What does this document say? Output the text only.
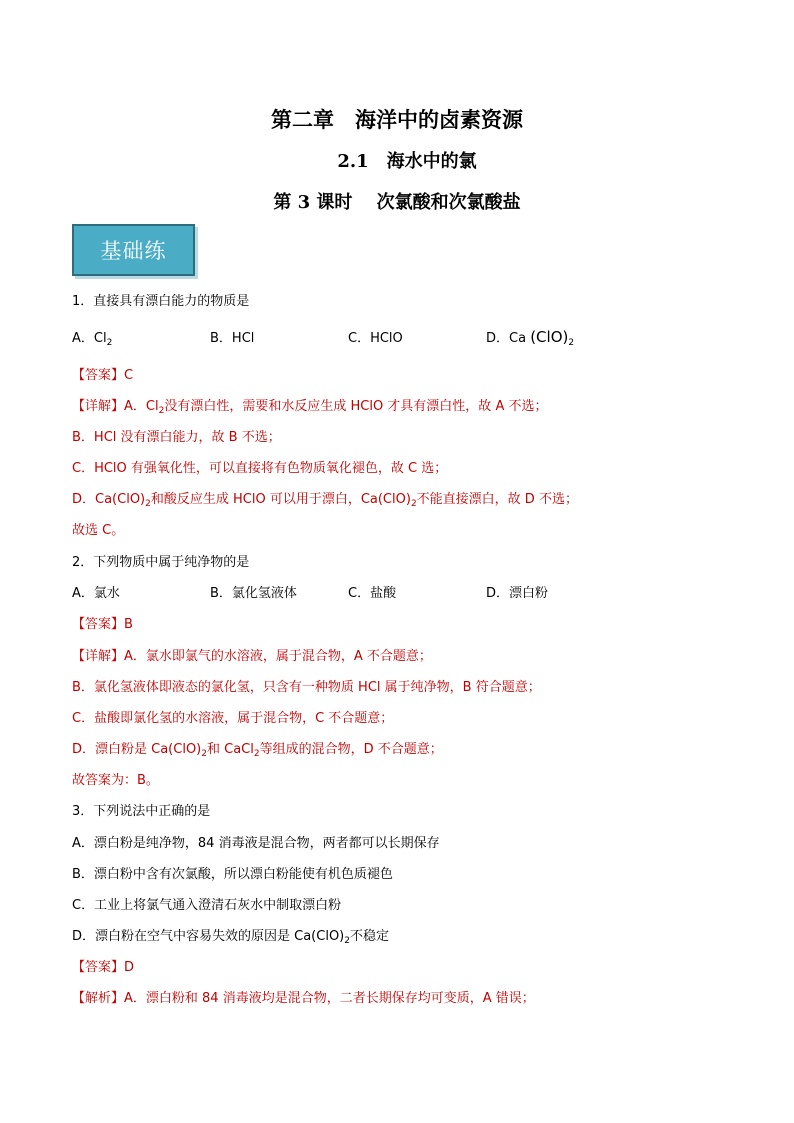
第二章　海洋中的卤素资源
2.1　海水中的氯
第 3 课时　 次氯酸和次氯酸盐
基础练
1．直接具有漂白能力的物质是
A．$Cl_2$	B．HCl	C．HClO	D．Ca $(ClO)_2$
【答案】C
【详解】A．$Cl_2$没有漂白性，需要和水反应生成 HClO 才具有漂白性，故 A 不选；
B．HCl 没有漂白能力，故 B 不选；
C．HClO 有强氧化性，可以直接将有色物质氧化褪色，故 C 选；
D．$Ca(ClO)_2$和酸反应生成 HClO 可以用于漂白，$Ca(ClO)_2$不能直接漂白，故 D 不选；
故选 C。
2．下列物质中属于纯净物的是
A．氯水	B．氯化氢液体	C．盐酸	D．漂白粉
【答案】B
【详解】A．氯水即氯气的水溶液，属于混合物，A 不合题意；
B．氯化氢液体即液态的氯化氢，只含有一种物质 HCl 属于纯净物，B 符合题意；
C．盐酸即氯化氢的水溶液，属于混合物，C 不合题意；
D．漂白粉是 $Ca(ClO)_2$和 CaCl$_2$等组成的混合物，D 不合题意；
故答案为：B。
3．下列说法中正确的是
A．漂白粉是纯净物，84 消毒液是混合物，两者都可以长期保存
B．漂白粉中含有次氯酸，所以漂白粉能使有机色质褪色
C．工业上将氯气通入澄清石灰水中制取漂白粉
D．漂白粉在空气中容易失效的原因是 $Ca(ClO)_2$不稳定
【答案】D
【解析】A．漂白粉和 84 消毒液均是混合物，二者长期保存均可变质，A 错误；
